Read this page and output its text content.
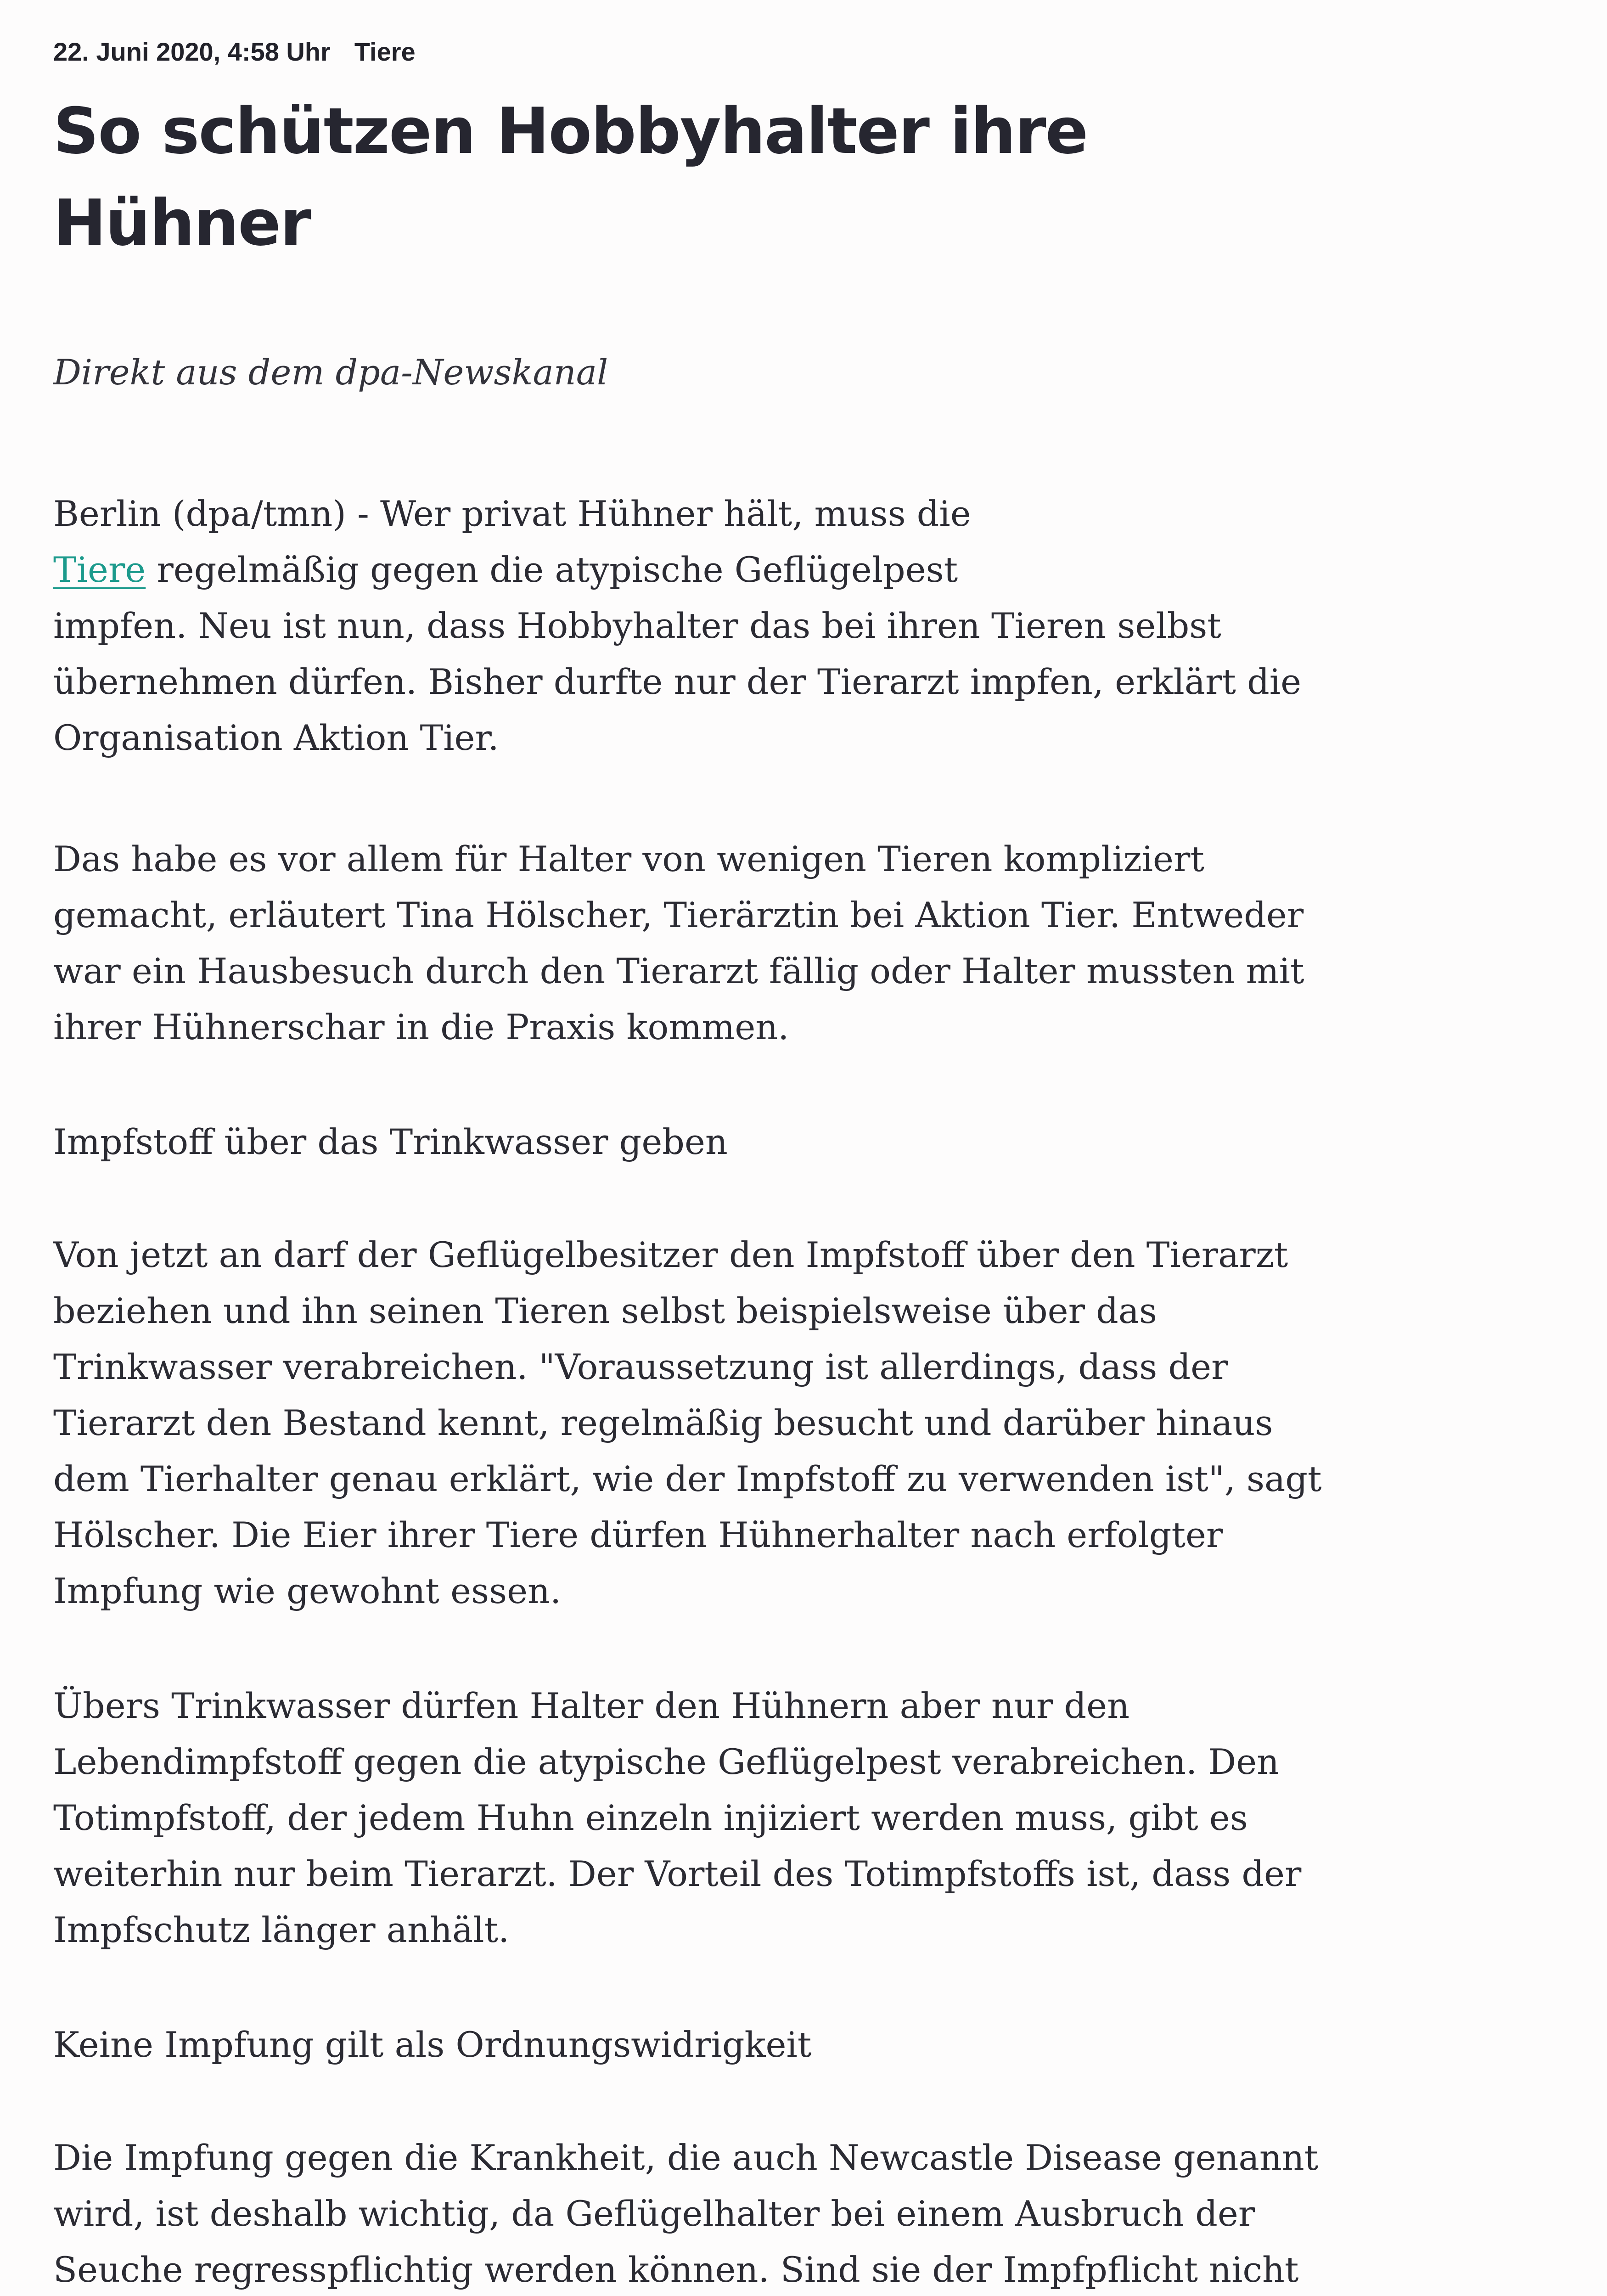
22. Juni 2020, 4:58 Uhr Tiere
So schützen Hobbyhalter ihre Hühner
Direkt aus dem dpa-Newskanal

Berlin (dpa/tmn) - Wer privat Hühner hält, muss die
Tiere regelmäßig gegen die atypische Geflügelpest
impfen. Neu ist nun, dass Hobbyhalter das bei ihren Tieren selbst
übernehmen dürfen. Bisher durfte nur der Tierarzt impfen, erklärt die
Organisation Aktion Tier.

Das habe es vor allem für Halter von wenigen Tieren kompliziert
gemacht, erläutert Tina Hölscher, Tierärztin bei Aktion Tier. Entweder
war ein Hausbesuch durch den Tierarzt fällig oder Halter mussten mit
ihrer Hühnerschar in die Praxis kommen.

Impfstoff über das Trinkwasser geben

Von jetzt an darf der Geflügelbesitzer den Impfstoff über den Tierarzt
beziehen und ihn seinen Tieren selbst beispielsweise über das
Trinkwasser verabreichen. "Voraussetzung ist allerdings, dass der
Tierarzt den Bestand kennt, regelmäßig besucht und darüber hinaus
dem Tierhalter genau erklärt, wie der Impfstoff zu verwenden ist", sagt
Hölscher. Die Eier ihrer Tiere dürfen Hühnerhalter nach erfolgter
Impfung wie gewohnt essen.

Übers Trinkwasser dürfen Halter den Hühnern aber nur den
Lebendimpfstoff gegen die atypische Geflügelpest verabreichen. Den
Totimpfstoff, der jedem Huhn einzeln injiziert werden muss, gibt es
weiterhin nur beim Tierarzt. Der Vorteil des Totimpfstoffs ist, dass der
Impfschutz länger anhält.

Keine Impfung gilt als Ordnungswidrigkeit

Die Impfung gegen die Krankheit, die auch Newcastle Disease genannt
wird, ist deshalb wichtig, da Geflügelhalter bei einem Ausbruch der
Seuche regresspflichtig werden können. Sind sie der Impfpflicht nicht
